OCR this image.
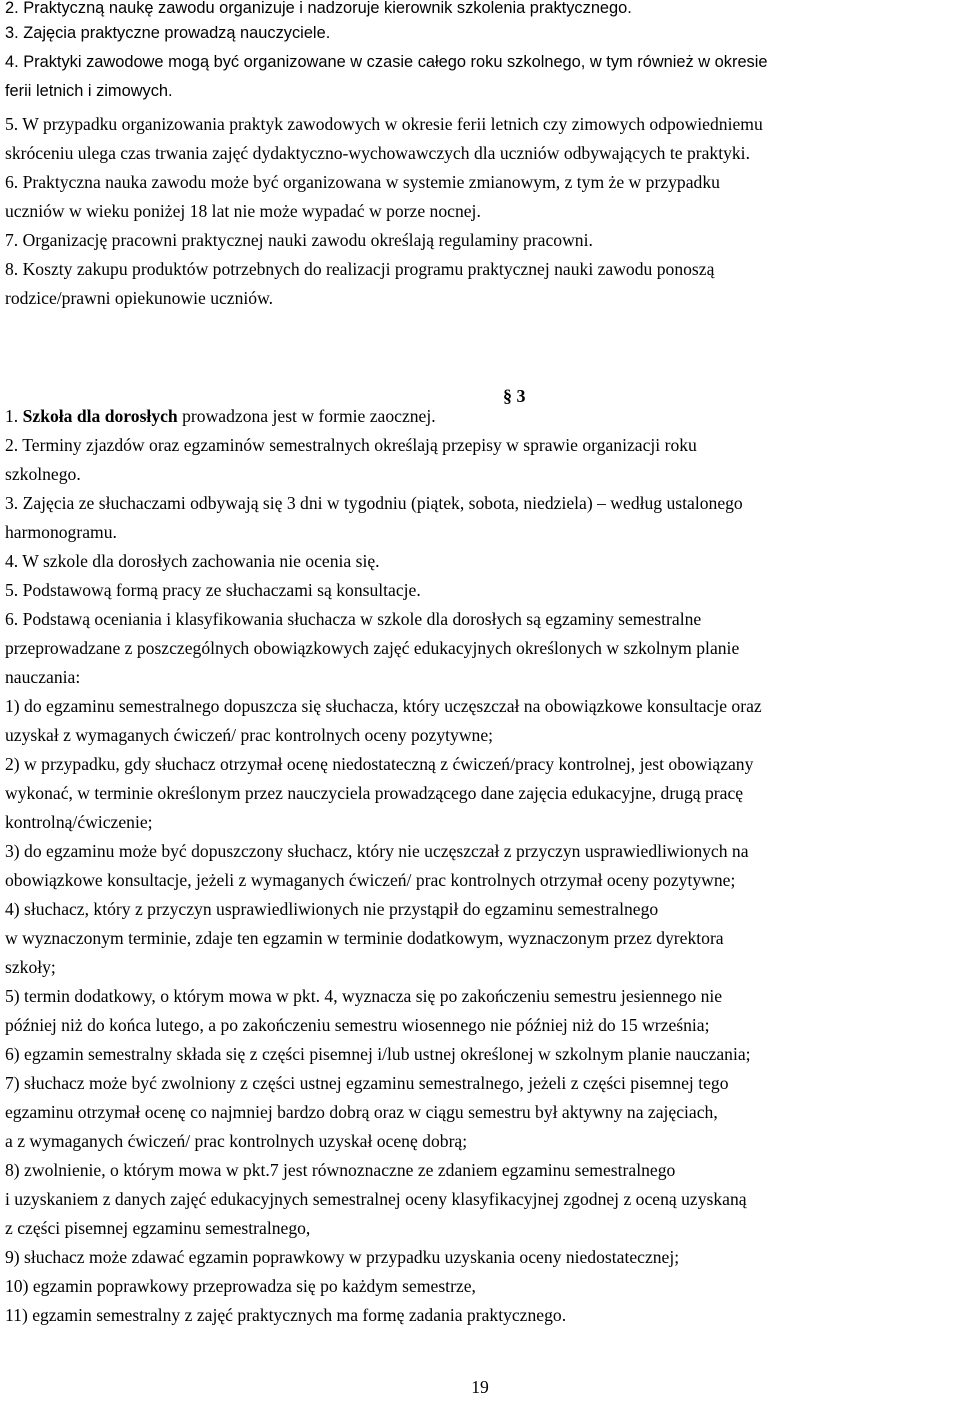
2. Praktyczną naukę zawodu organizuje i nadzoruje kierownik szkolenia praktycznego.
3. Zajęcia praktyczne prowadzą nauczyciele.
4. Praktyki zawodowe mogą być organizowane w czasie całego roku szkolnego, w tym również w okresie
ferii letnich i zimowych.
5. W przypadku organizowania praktyk zawodowych w okresie ferii letnich czy zimowych odpowiedniemu
skróceniu ulega czas trwania zajęć dydaktyczno-wychowawczych dla uczniów odbywających te praktyki.
6. Praktyczna nauka zawodu może być organizowana w systemie zmianowym, z tym że w przypadku
uczniów w wieku poniżej 18 lat nie może wypadać w porze nocnej.
7. Organizację pracowni praktycznej nauki zawodu określają regulaminy pracowni.
8. Koszty zakupu produktów potrzebnych do realizacji programu praktycznej nauki zawodu ponoszą
rodzice/prawni opiekunowie uczniów.
§ 3
1. Szkoła dla dorosłych prowadzona jest w formie zaocznej.
2. Terminy zjazdów oraz egzaminów semestralnych określają przepisy w sprawie organizacji roku
szkolnego.
3. Zajęcia ze słuchaczami odbywają się 3 dni w tygodniu (piątek, sobota, niedziela) – według ustalonego
harmonogramu.
4. W szkole dla dorosłych zachowania nie ocenia się.
5. Podstawową formą pracy ze słuchaczami są konsultacje.
6. Podstawą oceniania i klasyfikowania słuchacza w szkole dla dorosłych są egzaminy semestralne
przeprowadzane z poszczególnych obowiązkowych zajęć edukacyjnych określonych w szkolnym planie
nauczania:
1) do egzaminu semestralnego dopuszcza się słuchacza, który uczęszczał na obowiązkowe konsultacje oraz
uzyskał z wymaganych ćwiczeń/ prac kontrolnych oceny pozytywne;
2) w przypadku, gdy słuchacz otrzymał ocenę niedostateczną z ćwiczeń/pracy kontrolnej, jest obowiązany
wykonać, w terminie określonym przez nauczyciela prowadzącego dane zajęcia edukacyjne, drugą pracę
kontrolną/ćwiczenie;
3) do egzaminu może być dopuszczony słuchacz, który nie uczęszczał z przyczyn usprawiedliwionych na
obowiązkowe konsultacje, jeżeli z wymaganych ćwiczeń/ prac kontrolnych otrzymał oceny pozytywne;
4) słuchacz, który z przyczyn usprawiedliwionych nie przystąpił do egzaminu semestralnego
w wyznaczonym terminie, zdaje ten egzamin w terminie dodatkowym, wyznaczonym przez dyrektora
szkoły;
5) termin dodatkowy, o którym mowa w pkt. 4, wyznacza się po zakończeniu semestru jesiennego nie
później niż do końca lutego, a po zakończeniu semestru wiosennego nie później niż do 15 września;
6) egzamin semestralny składa się z części pisemnej i/lub ustnej określonej w szkolnym planie nauczania;
7) słuchacz może być zwolniony z części ustnej egzaminu semestralnego, jeżeli z części pisemnej tego
egzaminu otrzymał ocenę co najmniej bardzo dobrą oraz w ciągu semestru był aktywny na zajęciach,
a z wymaganych ćwiczeń/ prac kontrolnych uzyskał ocenę dobrą;
8) zwolnienie, o którym mowa w pkt.7 jest równoznaczne ze zdaniem egzaminu semestralnego
i uzyskaniem z danych zajęć edukacyjnych semestralnej oceny klasyfikacyjnej zgodnej z oceną uzyskaną
z części pisemnej egzaminu semestralnego,
9) słuchacz może zdawać egzamin poprawkowy w przypadku uzyskania oceny niedostatecznej;
10) egzamin poprawkowy przeprowadza się po każdym semestrze,
11) egzamin semestralny z zajęć praktycznych ma formę zadania praktycznego.
19
